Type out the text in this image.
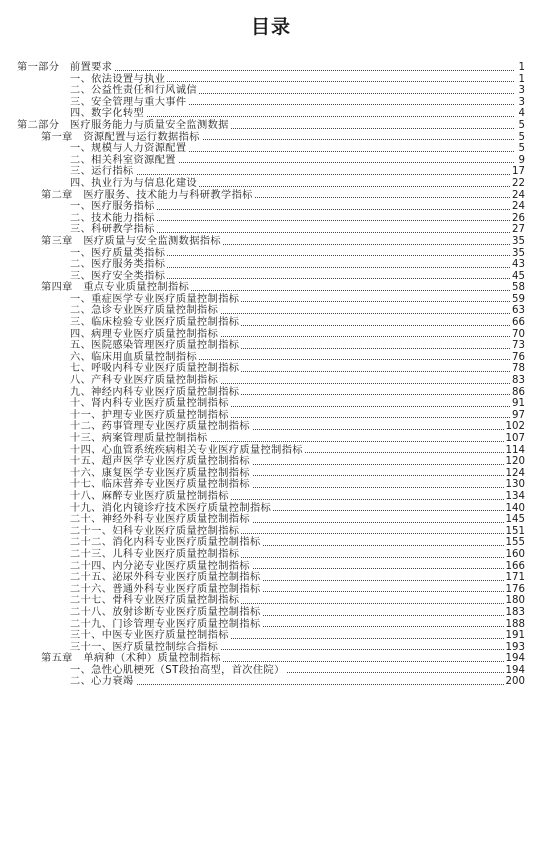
目录
第一部分　前置要求	1
一、依法设置与执业	1
二、公益性责任和行风诚信	3
三、安全管理与重大事件	3
四、数字化转型	4
第二部分　医疗服务能力与质量安全监测数据	5
第一章　资源配置与运行数据指标	5
一、规模与人力资源配置	5
二、相关科室资源配置	9
三、运行指标	17
四、执业行为与信息化建设	22
第二章　医疗服务、技术能力与科研教学指标	24
一、医疗服务指标	24
二、技术能力指标	26
三、科研教学指标	27
第三章　医疗质量与安全监测数据指标	35
一、医疗质量类指标	35
二、医疗服务类指标	43
三、医疗安全类指标	45
第四章　重点专业质量控制指标	58
一、重症医学专业医疗质量控制指标	59
二、急诊专业医疗质量控制指标	63
三、临床检验专业医疗质量控制指标	66
四、病理专业医疗质量控制指标	70
五、医院感染管理医疗质量控制指标	73
六、临床用血质量控制指标	76
七、呼吸内科专业医疗质量控制指标	78
八、产科专业医疗质量控制指标	83
九、神经内科专业医疗质量控制指标	86
十、肾内科专业医疗质量控制指标	91
十一、护理专业医疗质量控制指标	97
十二、药事管理专业医疗质量控制指标	102
十三、病案管理质量控制指标	107
十四、心血管系统疾病相关专业医疗质量控制指标	114
十五、超声医学专业医疗质量控制指标	120
十六、康复医学专业医疗质量控制指标	124
十七、临床营养专业医疗质量控制指标	130
十八、麻醉专业医疗质量控制指标	134
十九、消化内镜诊疗技术医疗质量控制指标	140
二十、神经外科专业医疗质量控制指标	145
二十一、妇科专业医疗质量控制指标	151
二十二、消化内科专业医疗质量控制指标	155
二十三、儿科专业医疗质量控制指标	160
二十四、内分泌专业医疗质量控制指标	166
二十五、泌尿外科专业医疗质量控制指标	171
二十六、普通外科专业医疗质量控制指标	176
二十七、骨科专业医疗质量控制指标	180
二十八、放射诊断专业医疗质量控制指标	183
二十九、门诊管理专业医疗质量控制指标	188
三十、中医专业医疗质量控制指标	191
三十一、医疗质量控制综合指标	193
第五章　单病种（术种）质量控制指标	194
一、急性心肌梗死（ST段抬高型，首次住院）	194
二、心力衰竭	200
